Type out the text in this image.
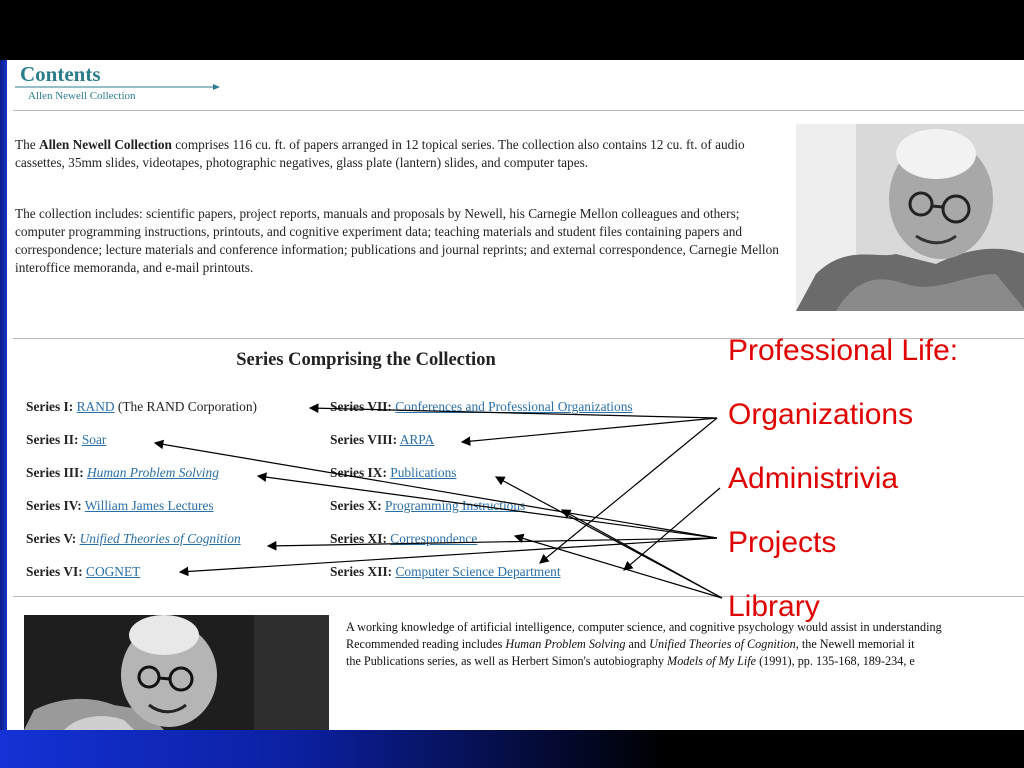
Contents
Allen Newell Collection
The Allen Newell Collection comprises 116 cu. ft. of papers arranged in 12 topical series. The collection also contains 12 cu. ft. of audio cassettes, 35mm slides, videotapes, photographic negatives, glass plate (lantern) slides, and computer tapes.
The collection includes: scientific papers, project reports, manuals and proposals by Newell, his Carnegie Mellon colleagues and others; computer programming instructions, printouts, and cognitive experiment data; teaching materials and student files containing papers and correspondence; lecture materials and conference information; publications and journal reprints; and external correspondence, Carnegie Mellon interoffice memoranda, and e-mail printouts.
Series Comprising the Collection
Series I: RAND (The RAND Corporation)
Series II: Soar
Series III: Human Problem Solving
Series IV: William James Lectures
Series V: Unified Theories of Cognition
Series VI: COGNET
Series VII: Conferences and Professional Organizations
Series VIII: ARPA
Series IX: Publications
Series X: Programming Instructions
Series XI: Correspondence
Series XII: Computer Science Department
A working knowledge of artificial intelligence, computer science, and cognitive psychology would assist in understanding
Recommended reading includes Human Problem Solving and Unified Theories of Cognition, the Newell memorial it
the Publications series, as well as Herbert Simon's autobiography Models of My Life (1991), pp. 135-168, 189-234, e
Professional Life:
Organizations
Administrivia
Projects
Library
